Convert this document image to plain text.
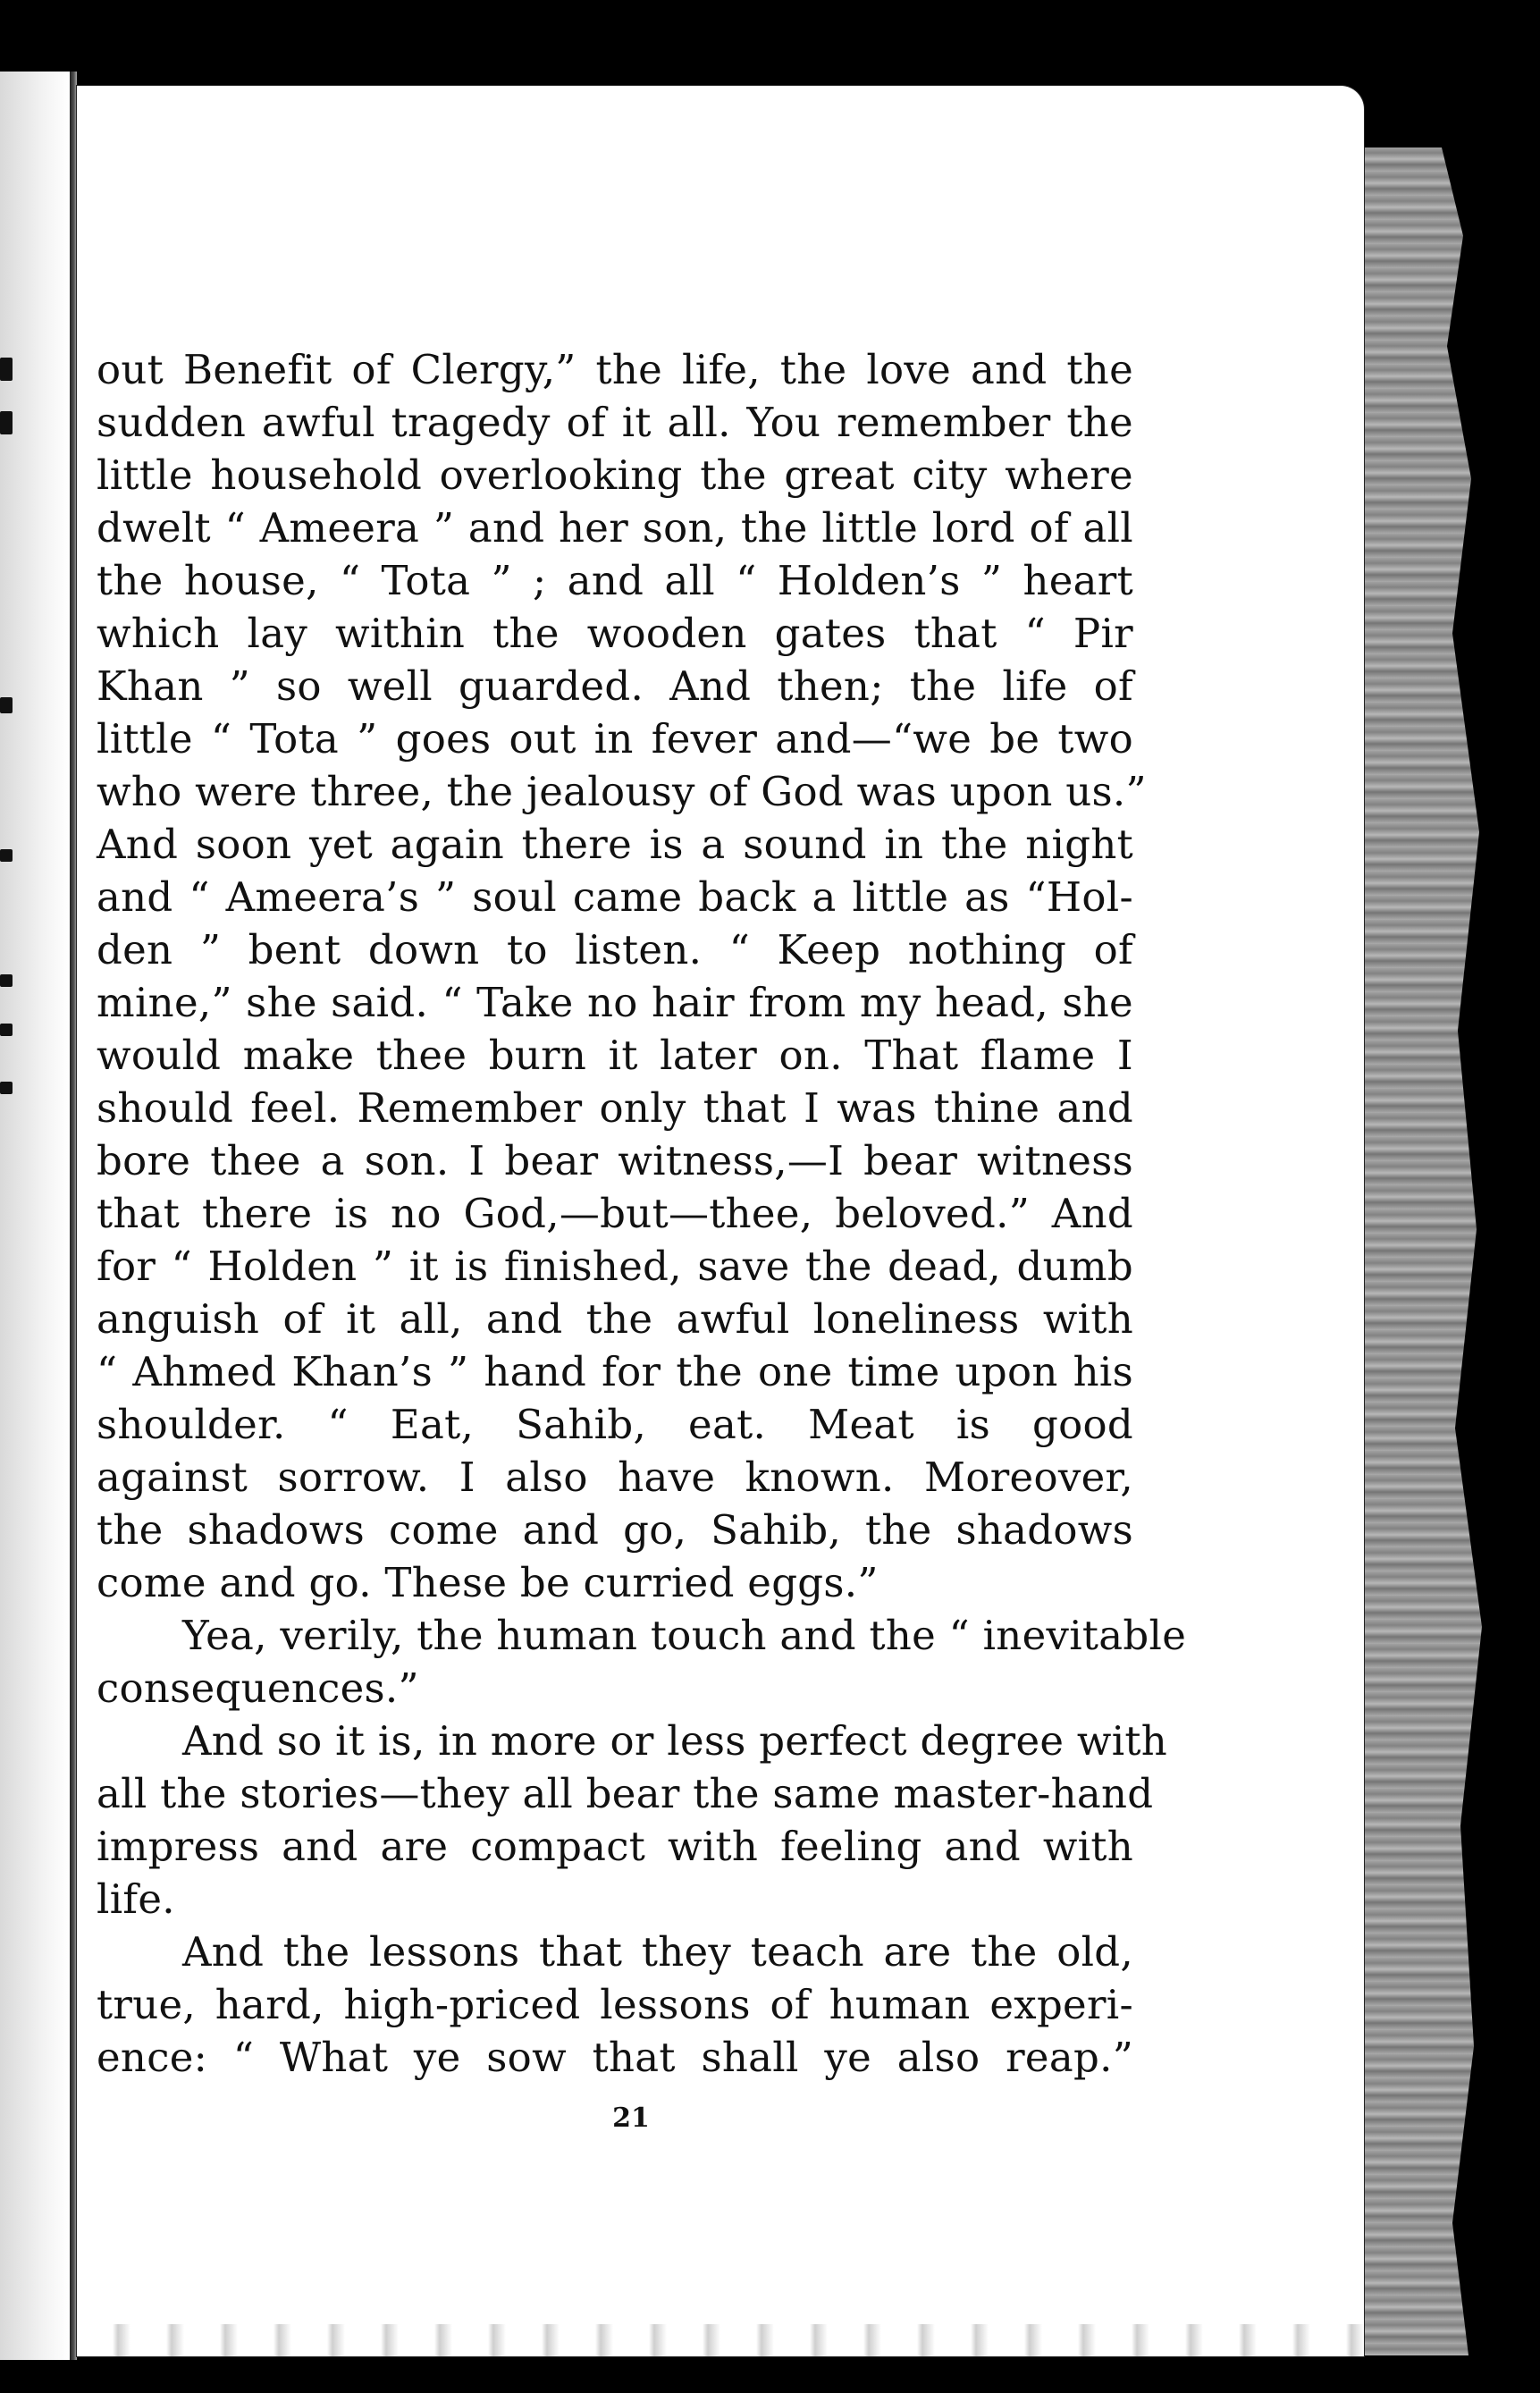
out Benefit of Clergy,” the life, the love and the
sudden awful tragedy of it all. You remember the
little household overlooking the great city where
dwelt “ Ameera ” and her son, the little lord of all
the house, “ Tota ” ; and all “ Holden’s ” heart
which lay within the wooden gates that “ Pir
Khan ” so well guarded. And then; the life of
little “ Tota ” goes out in fever and—“we be two
who were three, the jealousy of God was upon us.”
And soon yet again there is a sound in the night
and “ Ameera’s ” soul came back a little as “Hol-
den ” bent down to listen. “ Keep nothing of
mine,” she said. “ Take no hair from my head, she
would make thee burn it later on. That flame I
should feel. Remember only that I was thine and
bore thee a son. I bear witness,—I bear witness
that there is no God,—but—thee, beloved.” And
for “ Holden ” it is finished, save the dead, dumb
anguish of it all, and the awful loneliness with
“ Ahmed Khan’s ” hand for the one time upon his
shoulder. “ Eat, Sahib, eat. Meat is good
against sorrow. I also have known. Moreover,
the shadows come and go, Sahib, the shadows
come and go. These be curried eggs.”
Yea, verily, the human touch and the “ inevitable
consequences.”
And so it is, in more or less perfect degree with
all the stories—they all bear the same master-hand
impress and are compact with feeling and with
life.
And the lessons that they teach are the old,
true, hard, high-priced lessons of human experi-
ence: “ What ye sow that shall ye also reap.”
21
